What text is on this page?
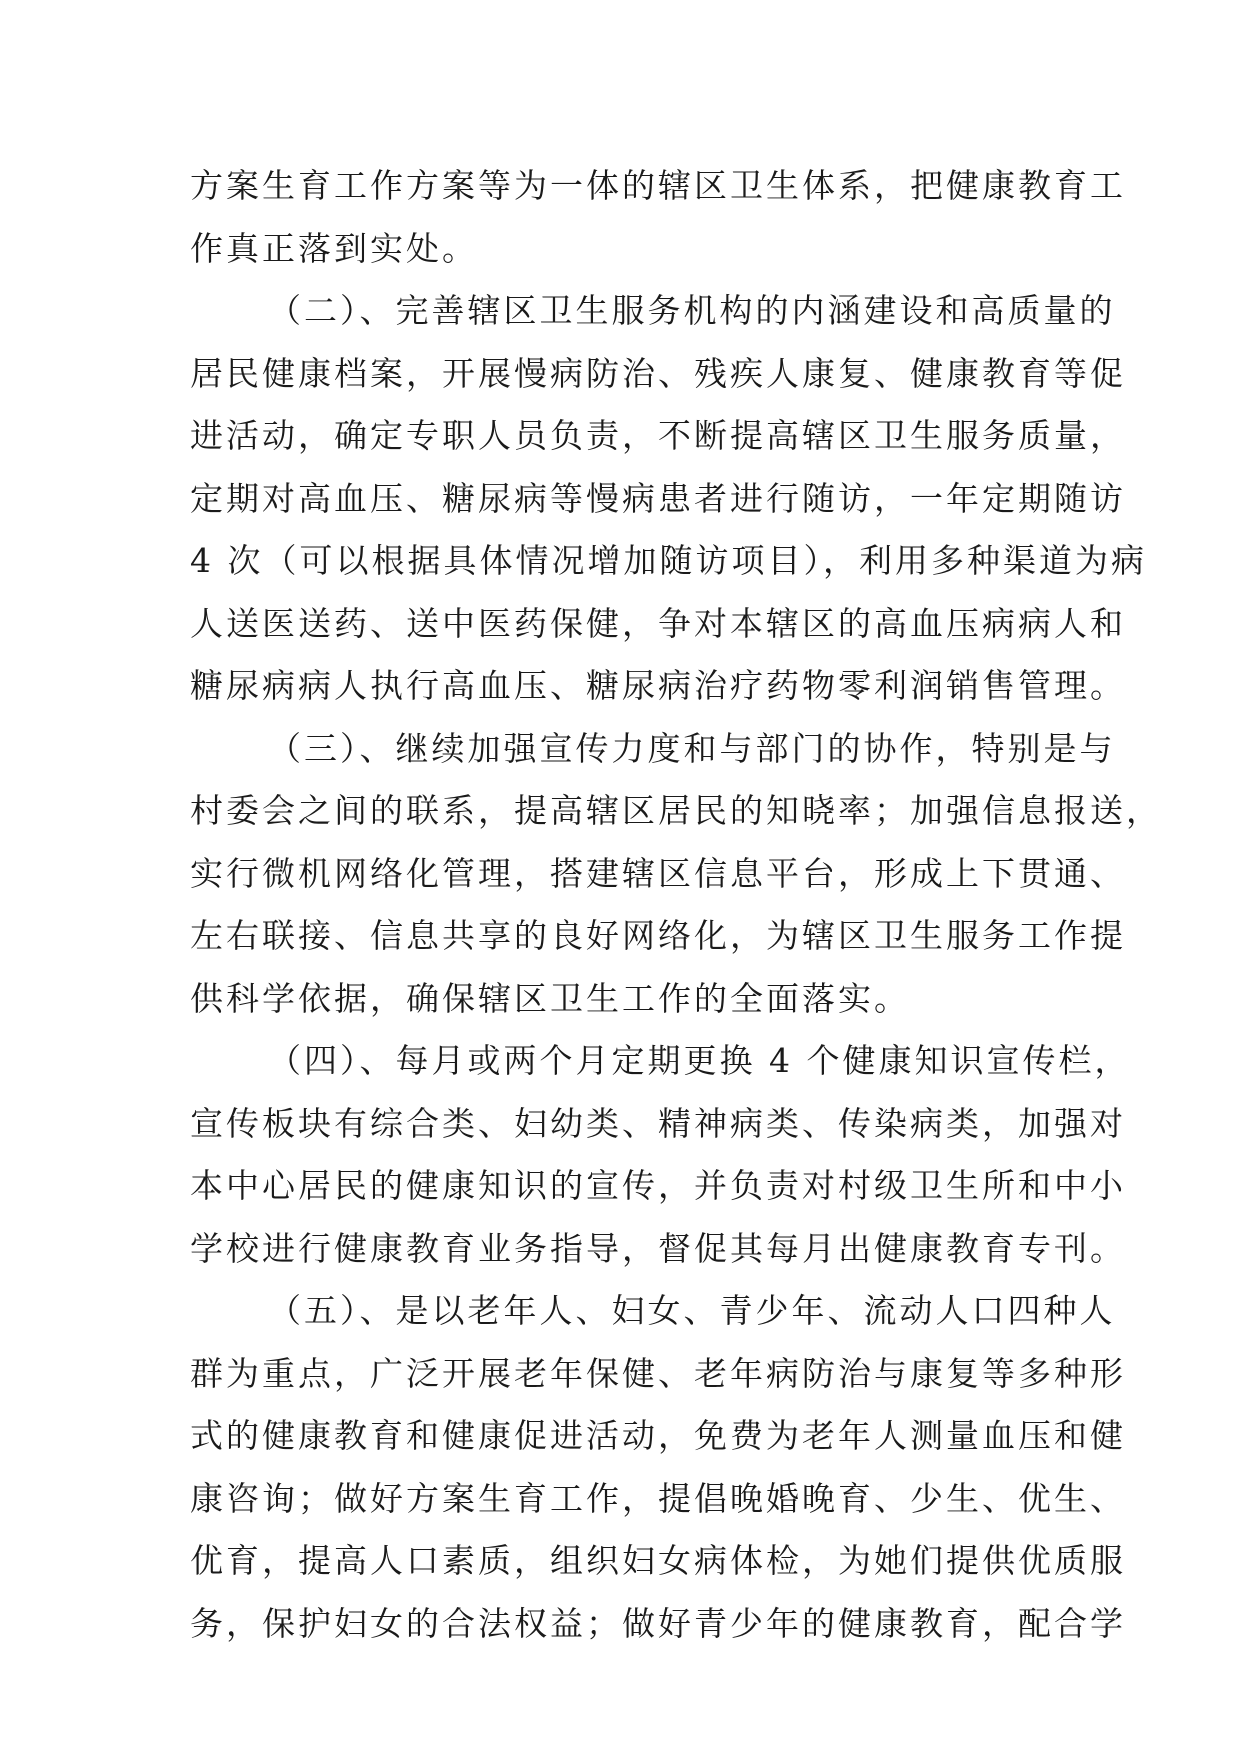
方案生育工作方案等为一体的辖区卫生体系，把健康教育工
作真正落到实处。
（二）、完善辖区卫生服务机构的内涵建设和高质量的
居民健康档案，开展慢病防治、残疾人康复、健康教育等促
进活动，确定专职人员负责，不断提高辖区卫生服务质量，
定期对高血压、糖尿病等慢病患者进行随访，一年定期随访
4 次（可以根据具体情况增加随访项目），利用多种渠道为病
人送医送药、送中医药保健，争对本辖区的高血压病病人和
糖尿病病人执行高血压、糖尿病治疗药物零利润销售管理。
（三）、继续加强宣传力度和与部门的协作，特别是与
村委会之间的联系，提高辖区居民的知晓率；加强信息报送，
实行微机网络化管理，搭建辖区信息平台，形成上下贯通、
左右联接、信息共享的良好网络化，为辖区卫生服务工作提
供科学依据，确保辖区卫生工作的全面落实。
（四）、每月或两个月定期更换 4 个健康知识宣传栏，
宣传板块有综合类、妇幼类、精神病类、传染病类，加强对
本中心居民的健康知识的宣传，并负责对村级卫生所和中小
学校进行健康教育业务指导，督促其每月出健康教育专刊。
（五）、是以老年人、妇女、青少年、流动人口四种人
群为重点，广泛开展老年保健、老年病防治与康复等多种形
式的健康教育和健康促进活动，免费为老年人测量血压和健
康咨询；做好方案生育工作，提倡晚婚晚育、少生、优生、
优育，提高人口素质，组织妇女病体检，为她们提供优质服
务，保护妇女的合法权益；做好青少年的健康教育，配合学
